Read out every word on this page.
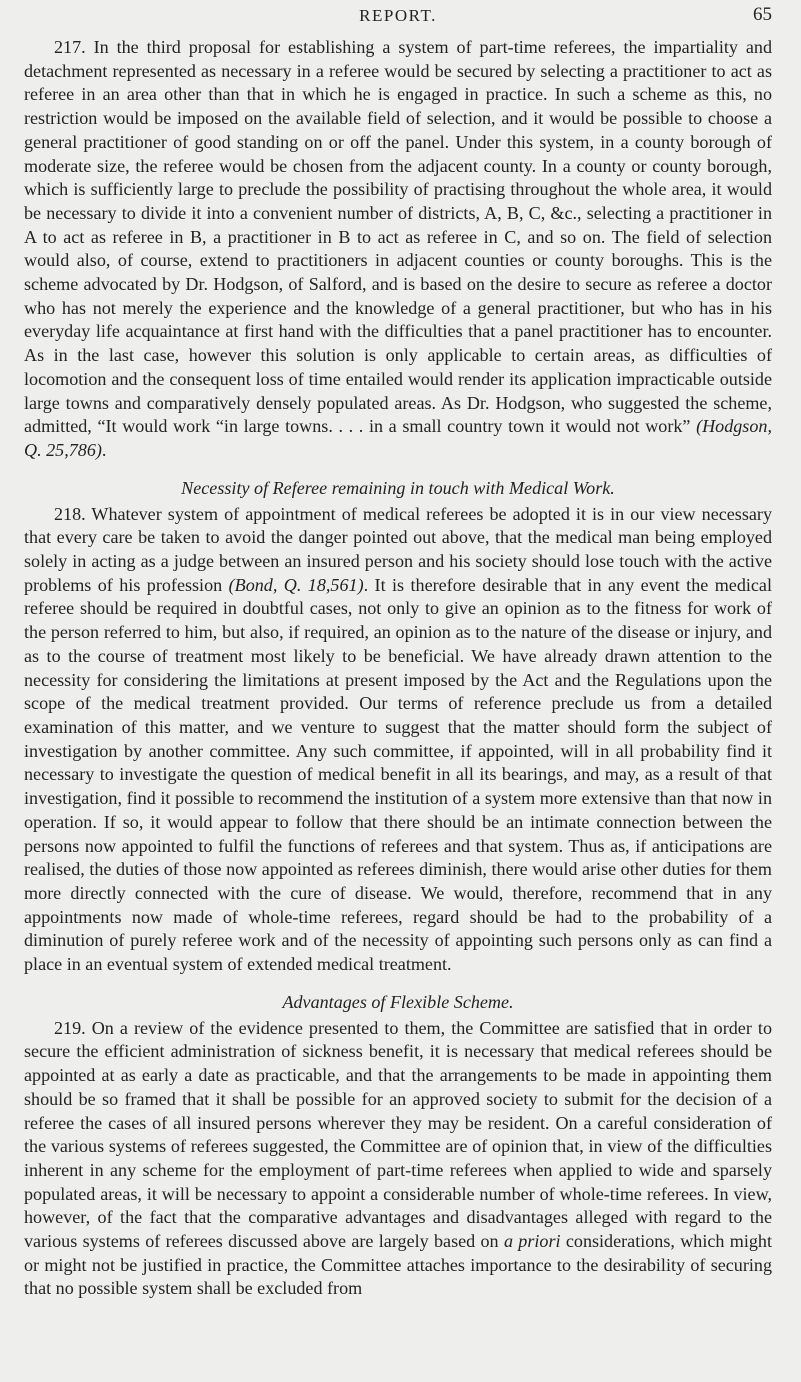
REPORT.	65

217. In the third proposal for establishing a system of part-time referees, the impartiality and detachment represented as necessary in a referee would be secured by selecting a practitioner to act as referee in an area other than that in which he is engaged in practice. In such a scheme as this, no restriction would be imposed on the available field of selection, and it would be possible to choose a general practitioner of good standing on or off the panel. Under this system, in a county borough of moderate size, the referee would be chosen from the adjacent county. In a county or county borough, which is sufficiently large to preclude the possibility of practising throughout the whole area, it would be necessary to divide it into a convenient number of districts, A, B, C, &c., selecting a practitioner in A to act as referee in B, a practitioner in B to act as referee in C, and so on. The field of selection would also, of course, extend to practitioners in adjacent counties or county boroughs. This is the scheme advocated by Dr. Hodgson, of Salford, and is based on the desire to secure as referee a doctor who has not merely the experience and the knowledge of a general practitioner, but who has in his everyday life acquaintance at first hand with the difficulties that a panel practitioner has to encounter. As in the last case, however this solution is only applicable to certain areas, as difficulties of locomotion and the consequent loss of time entailed would render its application impracticable outside large towns and comparatively densely populated areas. As Dr. Hodgson, who suggested the scheme, admitted, “It would work “in large towns. . . . in a small country town it would not work” (Hodgson, Q. 25,786).

Necessity of Referee remaining in touch with Medical Work.

218. Whatever system of appointment of medical referees be adopted it is in our view necessary that every care be taken to avoid the danger pointed out above, that the medical man being employed solely in acting as a judge between an insured person and his society should lose touch with the active problems of his profession (Bond, Q. 18,561). It is therefore desirable that in any event the medical referee should be required in doubtful cases, not only to give an opinion as to the fitness for work of the person referred to him, but also, if required, an opinion as to the nature of the disease or injury, and as to the course of treatment most likely to be beneficial. We have already drawn attention to the necessity for considering the limitations at present imposed by the Act and the Regulations upon the scope of the medical treatment provided. Our terms of reference preclude us from a detailed examination of this matter, and we venture to suggest that the matter should form the subject of investigation by another committee. Any such committee, if appointed, will in all probability find it necessary to investigate the question of medical benefit in all its bearings, and may, as a result of that investigation, find it possible to recommend the institution of a system more extensive than that now in operation. If so, it would appear to follow that there should be an intimate connection between the persons now appointed to fulfil the functions of referees and that system. Thus as, if anticipations are realised, the duties of those now appointed as referees diminish, there would arise other duties for them more directly connected with the cure of disease. We would, therefore, recommend that in any appointments now made of whole-time referees, regard should be had to the probability of a diminution of purely referee work and of the necessity of appointing such persons only as can find a place in an eventual system of extended medical treatment.

Advantages of Flexible Scheme.

219. On a review of the evidence presented to them, the Committee are satisfied that in order to secure the efficient administration of sickness benefit, it is necessary that medical referees should be appointed at as early a date as practicable, and that the arrangements to be made in appointing them should be so framed that it shall be possible for an approved society to submit for the decision of a referee the cases of all insured persons wherever they may be resident. On a careful consideration of the various systems of referees suggested, the Committee are of opinion that, in view of the difficulties inherent in any scheme for the employment of part-time referees when applied to wide and sparsely populated areas, it will be necessary to appoint a considerable number of whole-time referees. In view, however, of the fact that the comparative advantages and disadvantages alleged with regard to the various systems of referees discussed above are largely based on a priori considerations, which might or might not be justified in practice, the Committee attaches importance to the desirability of securing that no possible system shall be excluded from
